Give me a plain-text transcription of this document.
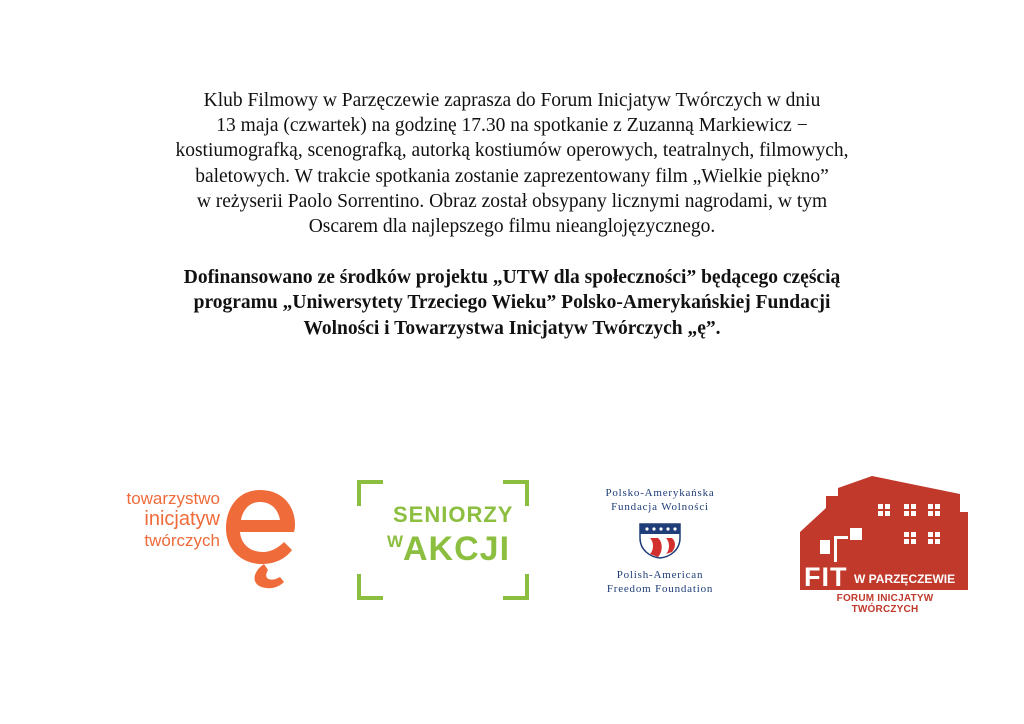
Klub Filmowy w Parzęczewie zaprasza do Forum Inicjatyw Twórczych w dniu
13 maja (czwartek) na godzinę 17.30 na spotkanie z Zuzanną Markiewicz −
kostiumografką, scenografką, autorką kostiumów operowych, teatralnych, filmowych,
baletowych. W trakcie spotkania zostanie zaprezentowany film „Wielkie piękno”
w reżyserii Paolo Sorrentino. Obraz został obsypany licznymi nagrodami, w tym
Oscarem dla najlepszego filmu nieanglojęzycznego.

Dofinansowano ze środków projektu „UTW dla społeczności” będącego częścią
programu „Uniwersytety Trzeciego Wieku” Polsko-Amerykańskiej Fundacji
Wolności i Towarzystwa Inicjatyw Twórczych „ę”.

towarzystwo
inicjatyw
twórczych
SENIORZY
W AKCJI
Polsko-Amerykańska
Fundacja Wolności
Polish-American
Freedom Foundation	FIT W PARZĘCZEWIE
FORUM INICJATYW TWÓRCZYCH
